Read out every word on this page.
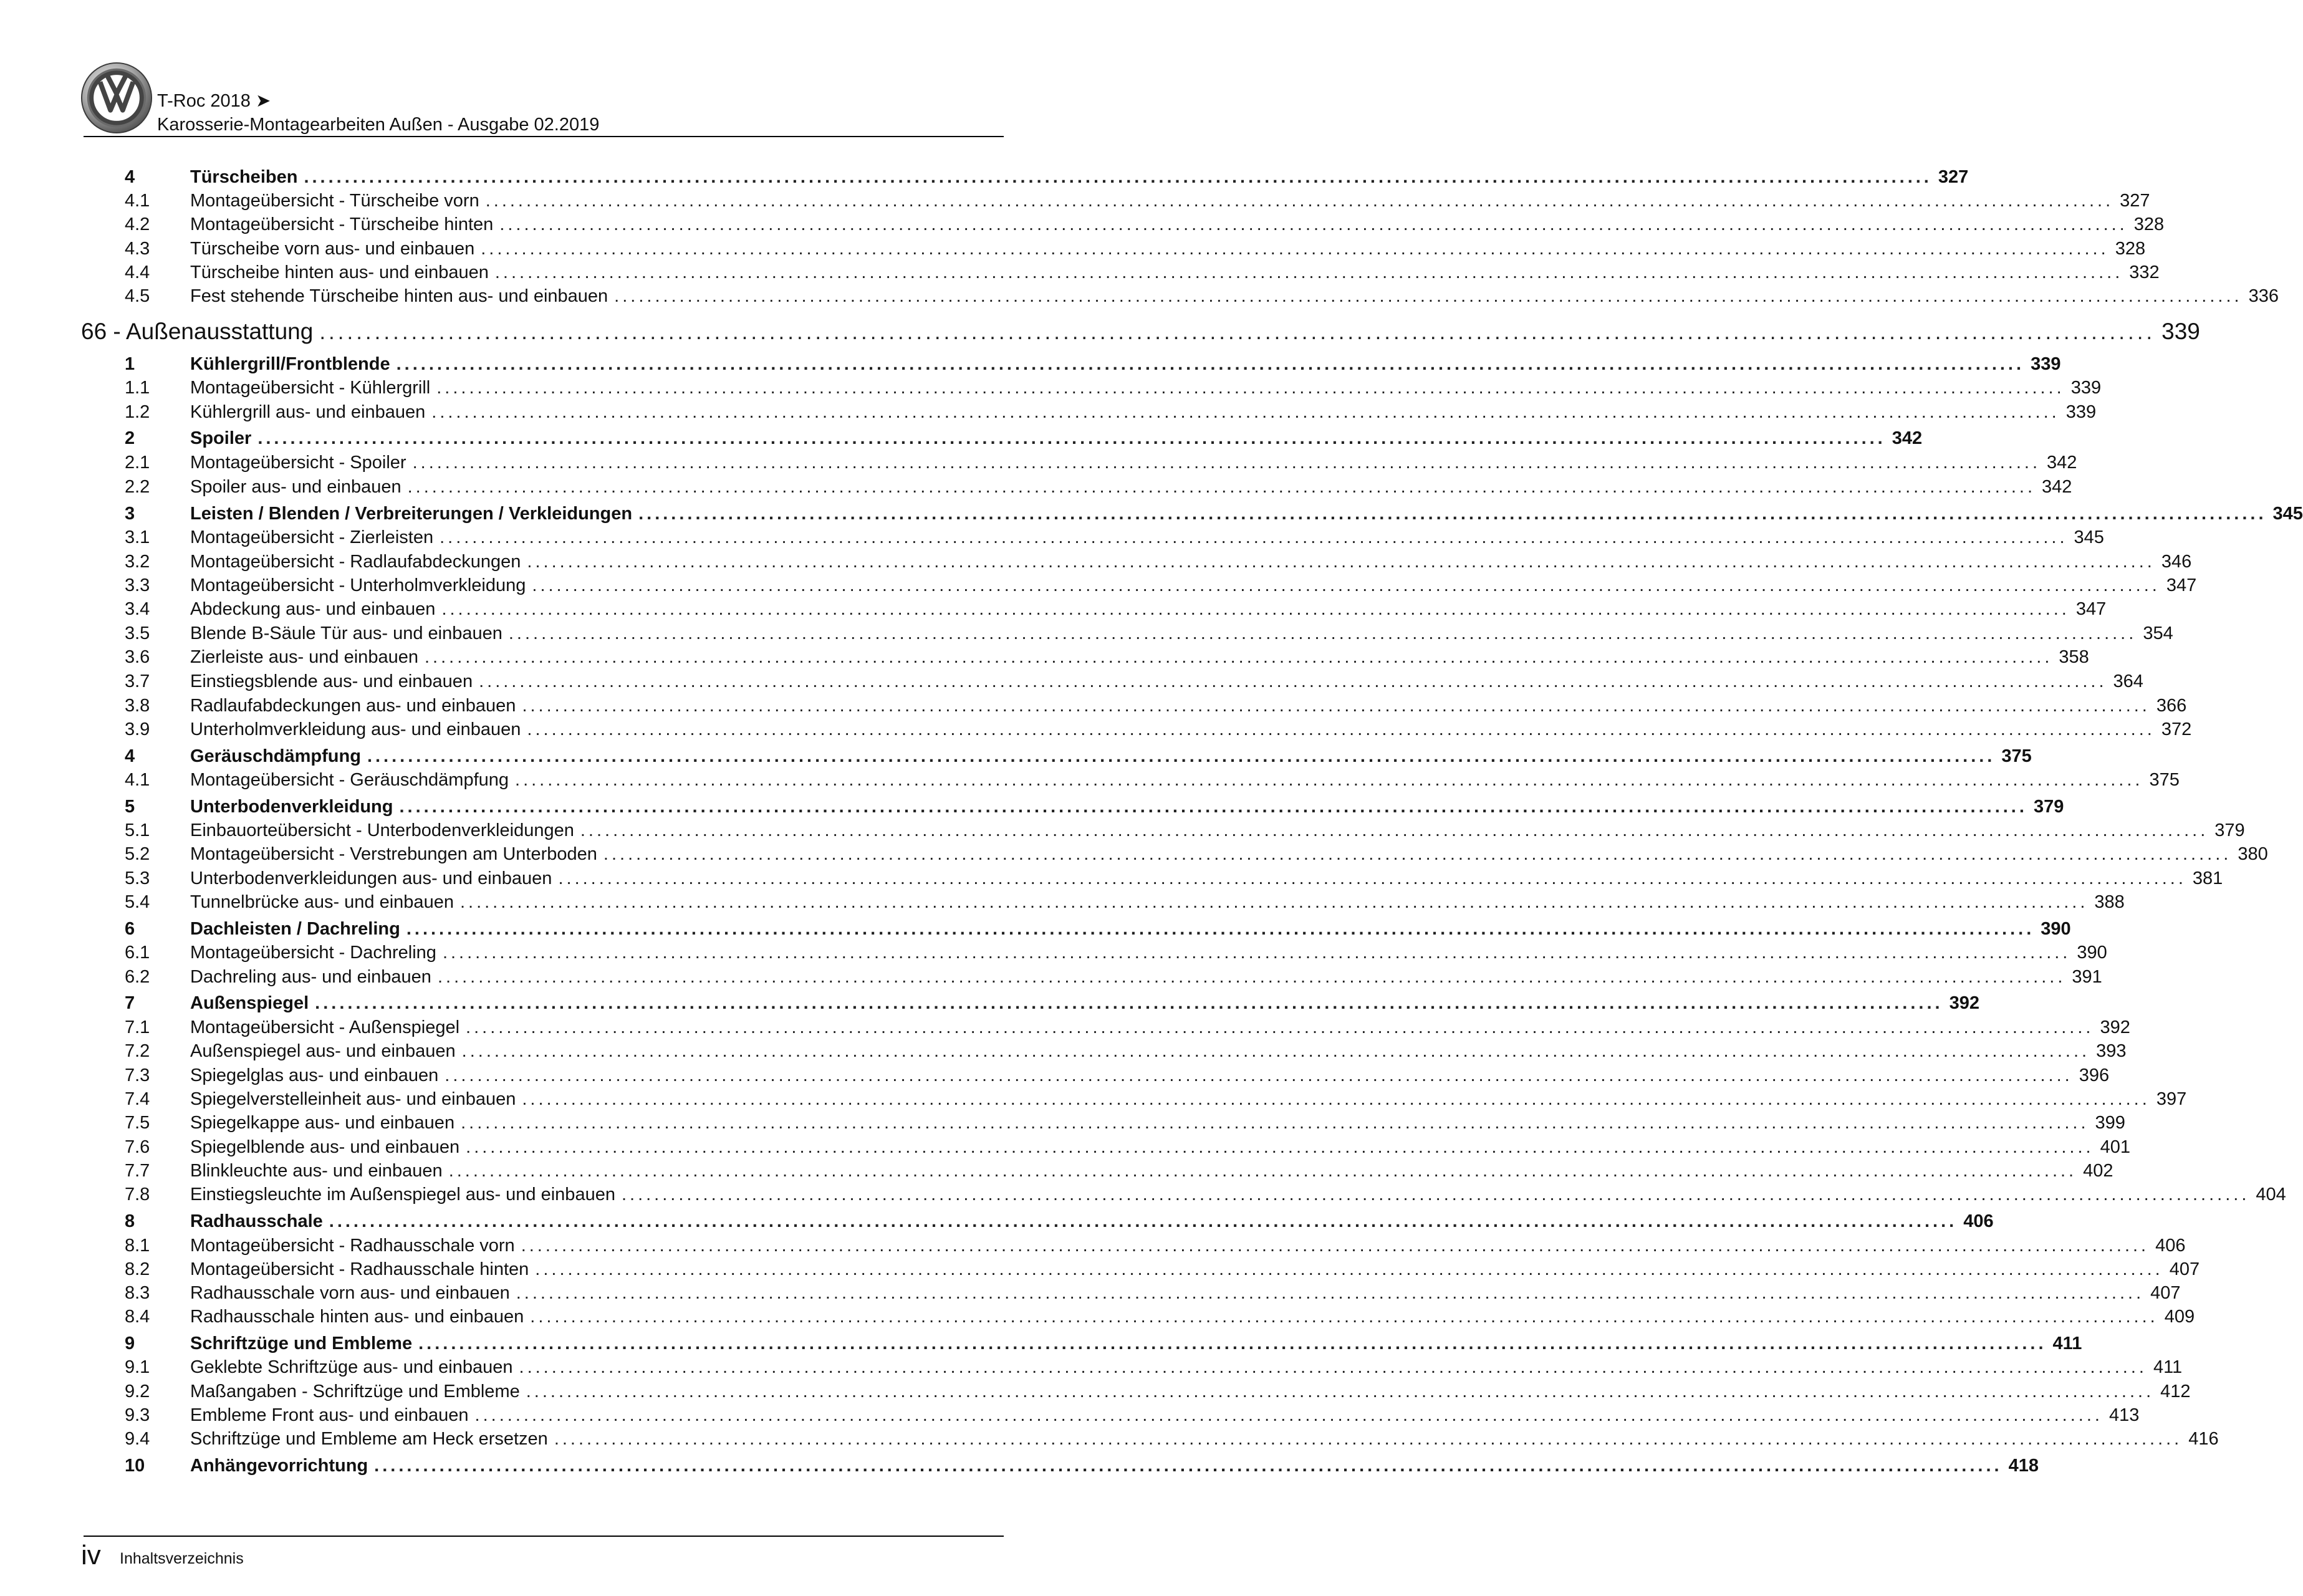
T-Roc 2018 ➤
Karosserie-Montagearbeiten Außen - Ausgabe 02.2019
4	Türscheiben ........................................................................................................................................................................................................ 327
4.1	Montageübersicht - Türscheibe vorn ........................................................................................................................................................................................................ 327
4.2	Montageübersicht - Türscheibe hinten ........................................................................................................................................................................................................ 328
4.3	Türscheibe vorn aus- und einbauen ........................................................................................................................................................................................................ 328
4.4	Türscheibe hinten aus- und einbauen ........................................................................................................................................................................................................ 332
4.5	Fest stehende Türscheibe hinten aus- und einbauen ........................................................................................................................................................................................................ 336
66 - Außenausstattung ........................................................................................................................................................................................................ 339
1	Kühlergrill/Frontblende ........................................................................................................................................................................................................ 339
1.1	Montageübersicht - Kühlergrill ........................................................................................................................................................................................................ 339
1.2	Kühlergrill aus- und einbauen ........................................................................................................................................................................................................ 339
2	Spoiler ........................................................................................................................................................................................................ 342
2.1	Montageübersicht - Spoiler ........................................................................................................................................................................................................ 342
2.2	Spoiler aus- und einbauen ........................................................................................................................................................................................................ 342
3	Leisten / Blenden / Verbreiterungen / Verkleidungen ........................................................................................................................................................................................................ 345
3.1	Montageübersicht - Zierleisten ........................................................................................................................................................................................................ 345
3.2	Montageübersicht - Radlaufabdeckungen ........................................................................................................................................................................................................ 346
3.3	Montageübersicht - Unterholmverkleidung ........................................................................................................................................................................................................ 347
3.4	Abdeckung aus- und einbauen ........................................................................................................................................................................................................ 347
3.5	Blende B-Säule Tür aus- und einbauen ........................................................................................................................................................................................................ 354
3.6	Zierleiste aus- und einbauen ........................................................................................................................................................................................................ 358
3.7	Einstiegsblende aus- und einbauen ........................................................................................................................................................................................................ 364
3.8	Radlaufabdeckungen aus- und einbauen ........................................................................................................................................................................................................ 366
3.9	Unterholmverkleidung aus- und einbauen ........................................................................................................................................................................................................ 372
4	Geräuschdämpfung ........................................................................................................................................................................................................ 375
4.1	Montageübersicht - Geräuschdämpfung ........................................................................................................................................................................................................ 375
5	Unterbodenverkleidung ........................................................................................................................................................................................................ 379
5.1	Einbauorteübersicht - Unterbodenverkleidungen ........................................................................................................................................................................................................ 379
5.2	Montageübersicht - Verstrebungen am Unterboden ........................................................................................................................................................................................................ 380
5.3	Unterbodenverkleidungen aus- und einbauen ........................................................................................................................................................................................................ 381
5.4	Tunnelbrücke aus- und einbauen ........................................................................................................................................................................................................ 388
6	Dachleisten / Dachreling ........................................................................................................................................................................................................ 390
6.1	Montageübersicht - Dachreling ........................................................................................................................................................................................................ 390
6.2	Dachreling aus- und einbauen ........................................................................................................................................................................................................ 391
7	Außenspiegel ........................................................................................................................................................................................................ 392
7.1	Montageübersicht - Außenspiegel ........................................................................................................................................................................................................ 392
7.2	Außenspiegel aus- und einbauen ........................................................................................................................................................................................................ 393
7.3	Spiegelglas aus- und einbauen ........................................................................................................................................................................................................ 396
7.4	Spiegelverstelleinheit aus- und einbauen ........................................................................................................................................................................................................ 397
7.5	Spiegelkappe aus- und einbauen ........................................................................................................................................................................................................ 399
7.6	Spiegelblende aus- und einbauen ........................................................................................................................................................................................................ 401
7.7	Blinkleuchte aus- und einbauen ........................................................................................................................................................................................................ 402
7.8	Einstiegsleuchte im Außenspiegel aus- und einbauen ........................................................................................................................................................................................................ 404
8	Radhausschale ........................................................................................................................................................................................................ 406
8.1	Montageübersicht - Radhausschale vorn ........................................................................................................................................................................................................ 406
8.2	Montageübersicht - Radhausschale hinten ........................................................................................................................................................................................................ 407
8.3	Radhausschale vorn aus- und einbauen ........................................................................................................................................................................................................ 407
8.4	Radhausschale hinten aus- und einbauen ........................................................................................................................................................................................................ 409
9	Schriftzüge und Embleme ........................................................................................................................................................................................................ 411
9.1	Geklebte Schriftzüge aus- und einbauen ........................................................................................................................................................................................................ 411
9.2	Maßangaben - Schriftzüge und Embleme ........................................................................................................................................................................................................ 412
9.3	Embleme Front aus- und einbauen ........................................................................................................................................................................................................ 413
9.4	Schriftzüge und Embleme am Heck ersetzen ........................................................................................................................................................................................................ 416
10	Anhängevorrichtung ........................................................................................................................................................................................................ 418
iv Inhaltsverzeichnis
